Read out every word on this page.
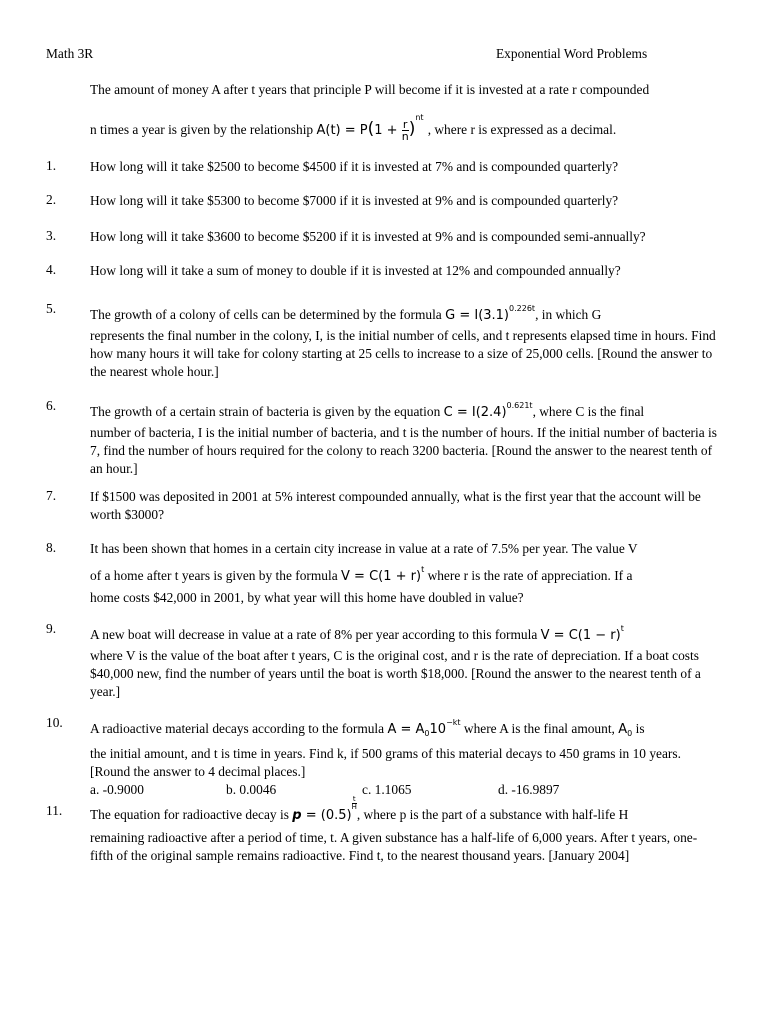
Math 3R	Exponential Word Problems
The amount of money A after t years that principle P will become if it is invested at a rate r compounded
n times a year is given by the relationship $A(t) = P(1 + \frac{r}{n} )^{nt}$ , where r is expressed as a decimal.
1.	How long will it take $2500 to become $4500 if it is invested at 7% and is compounded quarterly?
2.	How long will it take $5300 to become $7000 if it is invested at 9% and is compounded quarterly?
3.	How long will it take $3600 to become $5200 if it is invested at 9% and is compounded semi-annually?
4.	How long will it take a sum of money to double if it is invested at 12% and compounded annually?
5.	The growth of a colony of cells can be determined by the formula $G = I(3.1)^{0.226t}$, in which G
represents the final number in the colony, I, is the initial number of cells, and t represents elapsed time in hours. Find how many hours it will take for colony starting at 25 cells to increase to a size of 25,000 cells. [Round the answer to the nearest whole hour.]
6.	The growth of a certain strain of bacteria is given by the equation $C = I(2.4)^{0.621t}$, where C is the final
number of bacteria, I is the initial number of bacteria, and t is the number of hours. If the initial number of bacteria is 7, find the number of hours required for the colony to reach 3200 bacteria. [Round the answer to the nearest tenth of an hour.]
7.	If $1500 was deposited in 2001 at 5% interest compounded annually, what is the first year that the account will be worth $3000?
8.	It has been shown that homes in a certain city increase in value at a rate of 7.5% per year. The value V
of a home after t years is given by the formula $V = C(1 + r)^t$ where r is the rate of appreciation. If a
home costs $42,000 in 2001, by what year will this home have doubled in value?
9.	A new boat will decrease in value at a rate of 8% per year according to this formula $V = C(1 - r)^t$
where V is the value of the boat after t years, C is the original cost, and r is the rate of depreciation. If a boat costs $40,000 new, find the number of years until the boat is worth $18,000. [Round the answer to the nearest tenth of a year.]
10.	A radioactive material decays according to the formula $A = A_010^{-kt}$ where A is the final amount, $A_0$ is
the initial amount, and t is time in years. Find k, if 500 grams of this material decays to 450 grams in 10 years. [Round the answer to 4 decimal places.]
a. -0.9000	b. 0.0046	c. 1.1065	d. -16.9897
11.	The equation for radioactive decay is p = (0.5)
$\frac{t}{H}$
, where p is the part of a substance with half-life H
remaining radioactive after a period of time, t. A given substance has a half-life of 6,000 years. After t years, one-fifth of the original sample remains radioactive. Find t, to the nearest thousand years. [January 2004]
